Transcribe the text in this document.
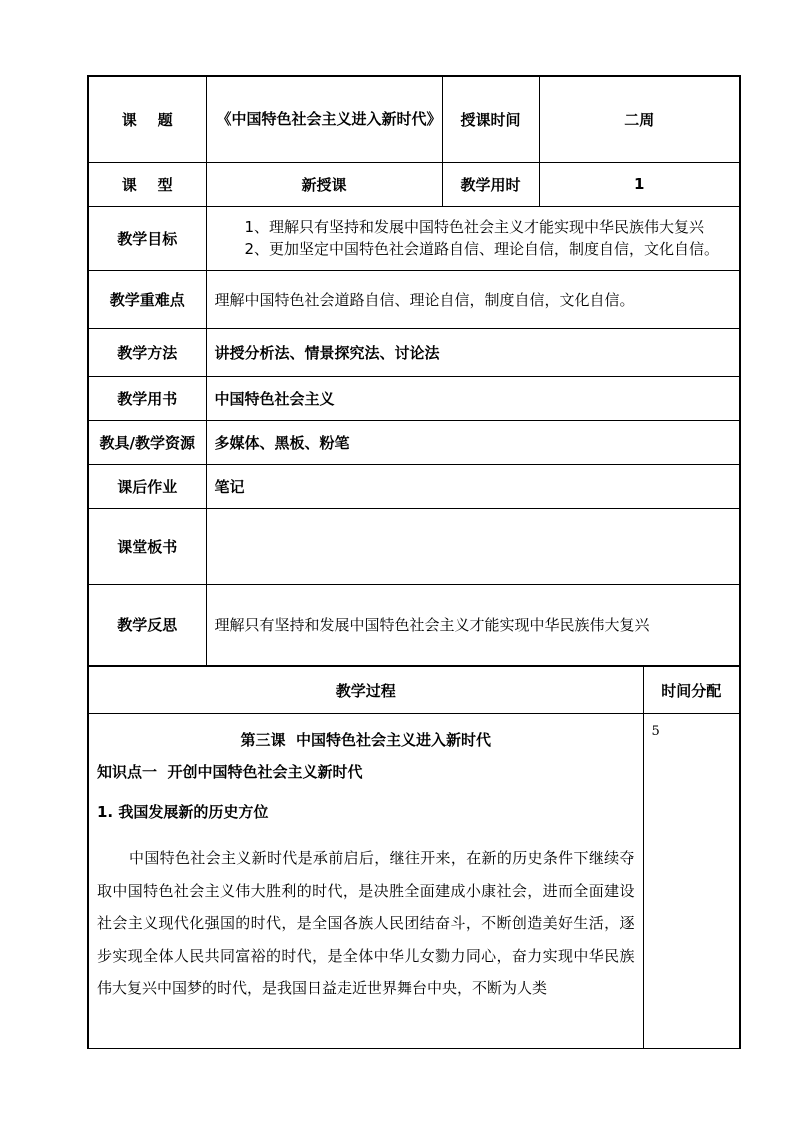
课    题	《中国特色社会主义进入新时代》	授课时间	二周
课    型	新授课	教学用时	1
教学目标	1、理解只有坚持和发展中国特色社会主义才能实现中华民族伟大复兴
2、更加坚定中国特色社会道路自信、理论自信，制度自信，文化自信。		

教学重难点	理解中国特色社会道路自信、理论自信，制度自信，文化自信。		
教学方法	讲授分析法、情景探究法、讨论法		
教学用书	中国特色社会主义		
教具/教学资源	多媒体、黑板、粉笔		
课后作业	笔记		
课堂板书			
教学反思	理解只有坚持和发展中国特色社会主义才能实现中华民族伟大复兴		
教学过程	时间分配

第三课  中国特色社会主义进入新时代

知识点一  开创中国特色社会主义新时代

1. 我国发展新的历史方位

中国特色社会主义新时代是承前启后，继往开来，在新的历史条件下继续夺取中国特色社会主义伟大胜利的时代，是决胜全面建成小康社会，进而全面建设社会主义现代化强国的时代，是全国各族人民团结奋斗，不断创造美好生活，逐步实现全体人民共同富裕的时代，是全体中华儿女勠力同心，奋力实现中华民族伟大复兴中国梦的时代，是我国日益走近世界舞台中央，不断为人类	5
